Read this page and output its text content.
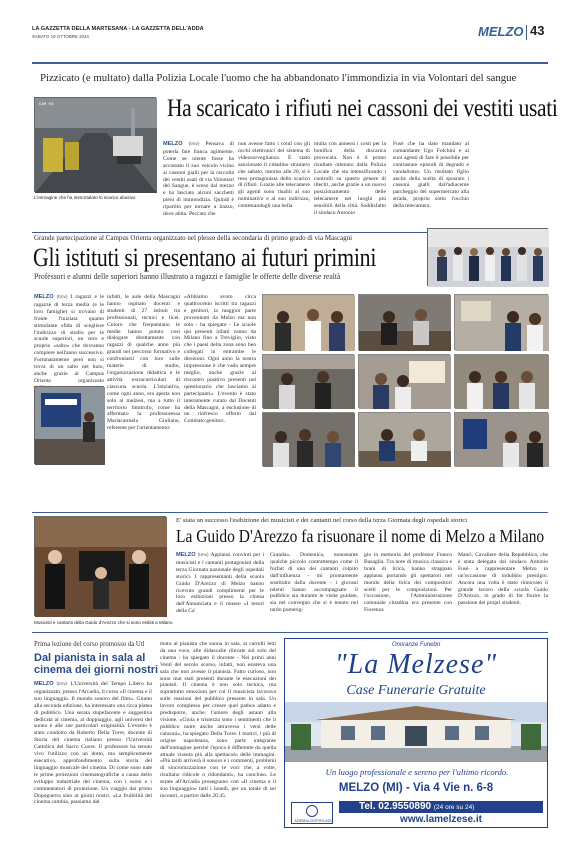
LA GAZZETTA DELLA MARTESANA - LA GAZZETTA DELL'ADDA
SABATO 19 OTTOBRE 2024	MELZO 43
Pizzicato (e multato) dalla Polizia Locale l'uomo che ha abbandonato l'immondizia in via Volontari del sangue
Ha scaricato i rifiuti nei cassoni dei vestiti usati
CAM 03
L'immagine che ha immortalato lo scarico abusivo
MELZO (tmv) Pensava di poterla fare franca agilmente. Come se niente fosse ha accostato il suo veicolo vicino ai cassoni gialli per la raccolta dei vestiti usati di via Volontari del Sangue, è sceso dal mezzo e ha lasciato alcuni sacchetti pieni di immondizia. Quindi è ripartito per tornare a bazzo, dove abita. Peccato che
non avesse fatto i conti con gli occhi elettronici del sistema di videosorveglianza. È stato sanzionato il cittadino straniero che sabato, intorno alle 20, si è reso protagonista dello scarico di rifiuti. Grazie alle telecamere gli agenti sono risaliti al suo nominativo e al suo indirizzo, contestandogli una bella
multa con annessi i costi per la bonifica della discarica provocata. Non è il primo risultato ottenuto dalla Polizia Locale che sta intensificando i controlli su questo genere di illeciti, anche grazie a un nuovo posizionamento delle telecamere nei luoghi più sensibili della città. Soddisfatto il sindaco Antonio
Fusè che ha dato mandato al comandante Ugo Folchini e ai suoi agenti di fare il possibile per contrastare episodi di degrado e vandalismo. Un risultato figlio anche della scelta di spostare i cassoni gialli dall'adiacente parcheggio del supermercato alla strada, proprio sotto l'occhio della telecamera.
Grande partecipazione al Campus Orienta organizzato nel plesso della secondaria di primo grado di via Mascagni
Gli istituti si presentano ai futuri primini
Professori e alunni delle superiori hanno illustrato a ragazzi e famiglie le offerte delle diverse realtà
MELZO (tmv) I ragazzi e le ragazze di terza media (e le loro famiglie) si trovano di fronte l'iniziata quanto stimolante sfida di scegliere l'indirizzo di studio per le scuole superiori, un vero e proprio «salto» che dovranno compiere nell'anno successivo. Fortunatamente però non si trova di un salto nel buio, anche grazie al Campus Orienta organizzato
infatti, le aule della Mascagni hanno ospitato docenti e studenti di 27 istituti tra professionali, tecnici e licei. Coloro che frequentano le medie hanno potuto così dialogare direttamente con ragazzi di qualche anno più grandi nel percorso formativo e confrontarsi con loro sulle materie di studio, l'organizzazione didattica e le attività extracurriculari di ciascuna scuola. L'iniziativa, come ogni anno, era aperta non solo ai melzesi, ma a tutto il territorio limitrofo, come ha affermato la professoressa Mariacarmela Giuliano, referente per l'orientamento:
«Abbiamo avuto circa quattrocento iscritti tra ragazzi e genitori, la maggior parte provenienti da Melzo ma non solo - ha spiegato - Le scuole qui presenti infatti vanno da Milano fino a Treviglio, visto che i paesi della zona sono ben collegati in entrambe le direzioni. Ogni anno la nostra impressione è che vada sempre meglio, anche grazie al riscontro positivo presenti nel questionario che lasciamo ai partecipanti». L'evento è stato interamente curato dai Docenti della Mascagni, a esclusione di un rinfresco offerto dal Comitato genitori.
Musicisti e cantanti della Guido d'Arezzo che si sono esibiti a Milano
E' stata un successo l'esibizione dei musicisti e dei cantanti nel corso della terza Giornata degli ospedali storici
La Guido D'Arezzo fa risuonare il nome di Melzo a Milano
MELZO (tmv) Applausi convinti per i musicisti e i cantanti protagonisti della terza Giornata nazionale degli ospedali storici. I rappresentanti della scuola Guido D'Arezzo di Melzo hanno ricevuto grandi complimenti per le loro esibizioni presso la chiesa dell'Annunciata e il museo «I tesori della Ca'
Granda». Domenica, nonostante qualche piccolo contrattempo come il forfait di uno dei cantanti colpito dall'influenza - mi prontamente sostituito dalla docente - i giovani talenti hanno accompagnato il pubblico sia durante le visite guidate, sia nel convegno che si è tenuto nel tardo pomerig-
gio in memoria del professor Franco Basaglia. Tra note di musica classica e brani di lirica, hanno strappato applausi portando gli spettatori nel mondo della lirica dei compositori scelti per le composizioni. Per l'occasione, l'Amministrazione comunale cittadina era presente con Fiorenza
Mauri, Cavaliere della Repubblica, che è stata delegata dal sindaco Antonio Fusè a rappresentare Melzo in un'occasione di indubbio prestigio. Ancora una volta è stato rinnovato il grande lavoro della scuola Guido D'Arezzo, in grado di far fiorire la passione dei propri studenti.
Prima lezione del corso promosso da Utl
Dal pianista in sala al cinema dei giorni nostri
MELZO (tmv) L'Università del Tempo Libero ha organizzato, presso l'Arcadia, il corso «Il cinema e il suo linguaggio. Il mondo sonoro del film». Giunto alla seconda edizione, ha interessato una ricca platea di pubblico. Una serata stupefacente e suggestiva dedicata al cinema, al doppiaggio, agli universi del suono e alle sue particolari originalità. L'evento è stato condotto da Roberto Della Torre, docente di Storia del cinema italiano presso l'Università Cattolica del Sacro Cuore. Il professore ha tenuto vivo l'utilizzo con un dotto, ma semplicemente esecutivo, approfondimento sulla storia del linguaggio musicale del cinema. Di come sono nate le prime proiezioni cinematografiche a causa dello sviluppo industriale del cinema, con i suoni e i commentatori di proiezione. Un viaggio dai primo Dopoguerra sino ai giorni nostri. «La fruibilità del cinema cambia, passiamo dal
muto al pianista che suona in sala, ai carrelli letti da una voce, alle didascalie rilevate sul solo del cinema - ha spiegato il docente - Nei primi anni Venti del secolo scorso, infatti, non esisteva una sala che non avesse il pianista. Fatto curioso, non sono mai stati presenti durante le esecuzioni dei pianisti. Il cinema è non solo tecnica, ma soprattutto emozioni per cui il musicista lavorava sulle reazioni del pubblico presente in sala. Un lavoro complesso per creare quel pathos adatto e predisporre, anche, l'umore degli astanti alla visione. «Gioia e tristezza sono i sentimenti che il pubblico nutre anche attraverso i versi delle canzoni», ha spiegato Della Torre. I motivi, i più di origine napoletana, sono parte integrante dell'immagine perché l'epoca è differente da quella attuale vissuta più alla spettacolo delle immagini. «Più tardi arriverà il sonoro e i commenti, problemi di sincronizzazione con le voci che, a volte, risultano ridicole o ridondanti», ha concluso. Le serate all'Arcadia proseguono con «Il cinema e il suo linguaggio» tutti i lunedì, per un totale di sei incontri, a partire dalle 20.45.
Onoranze Funebri
"La Melzese"
Case Funerarie Gratuite
Un luogo professionale e sereno per l'ultimo ricordo.
MELZO (MI) - Via 4 Vie n. 6-8
AZIENDA CERTIFICATA
Tel. 02.9550890 (24 ore su 24)
www.lamelzese.it
